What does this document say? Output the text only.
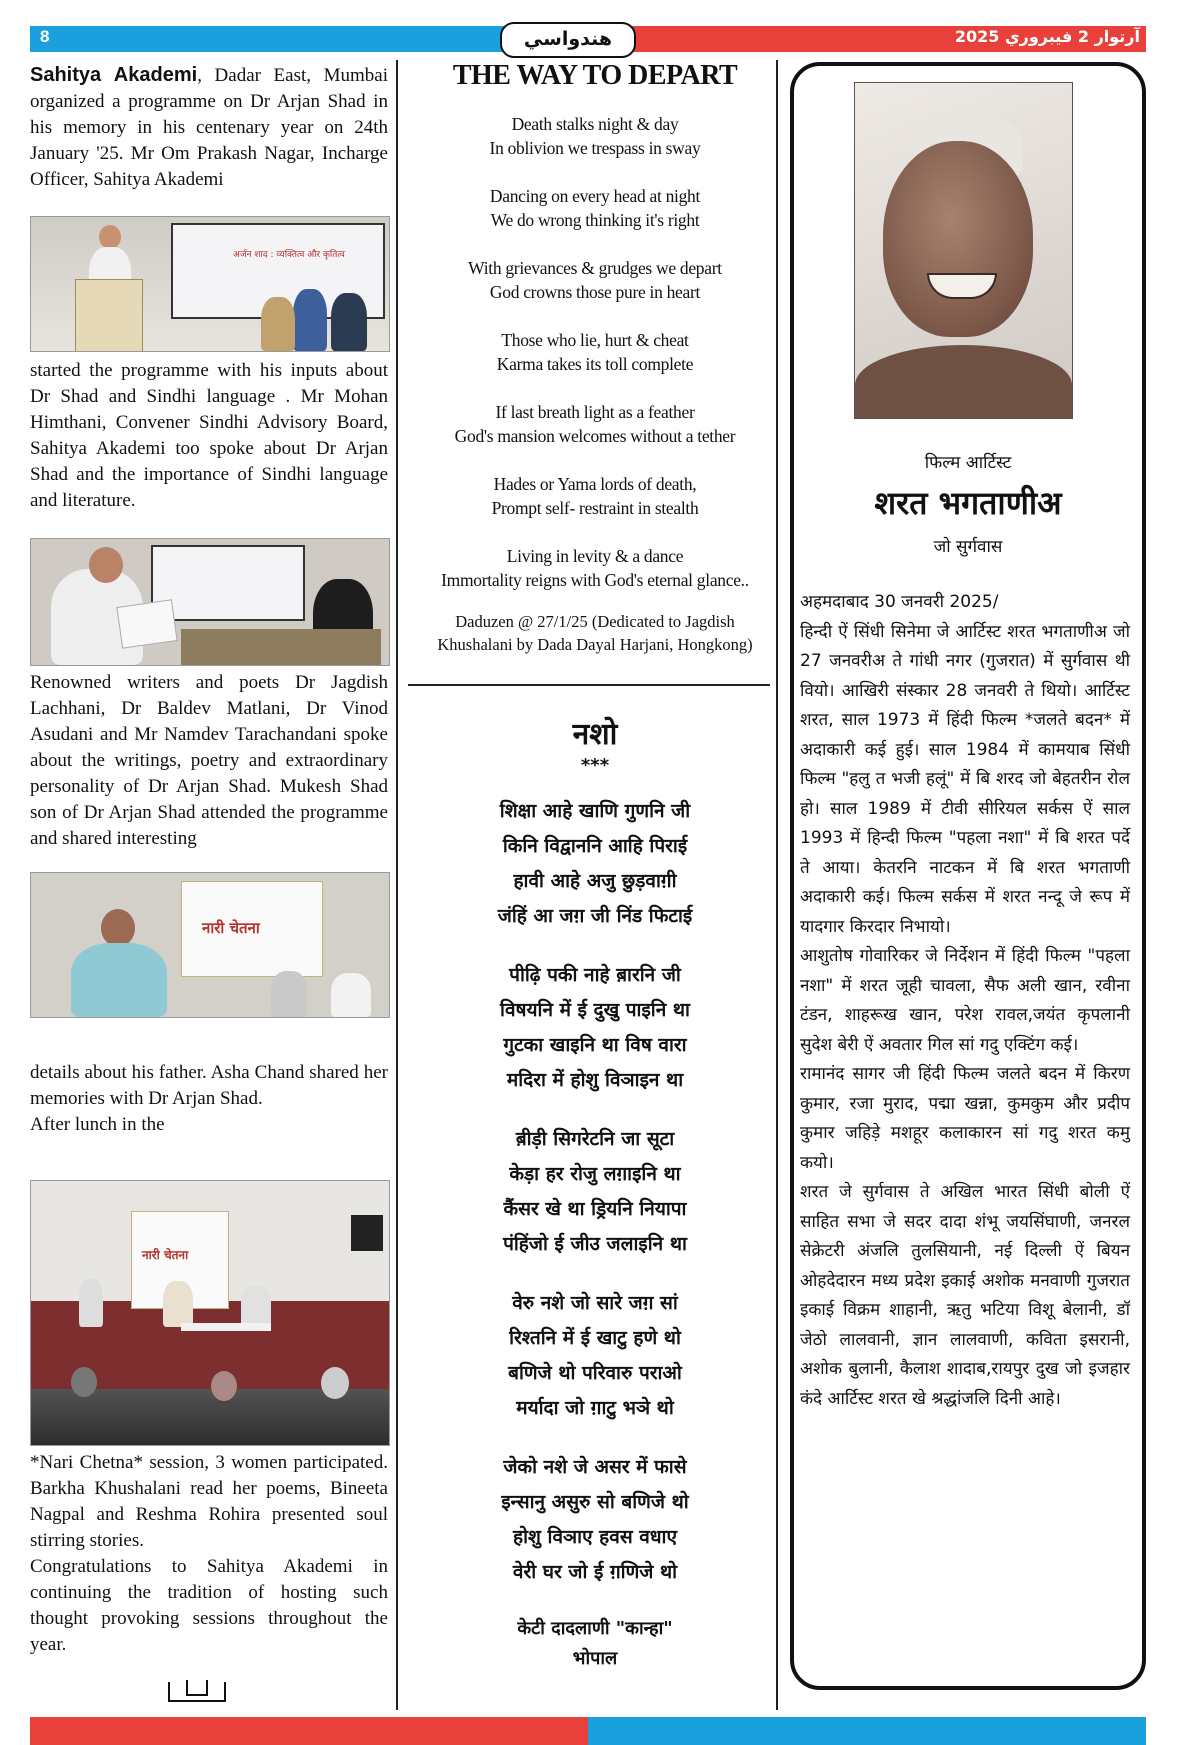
8	هندواسي	آرتوار 2 فيبروري 2025

Sahitya Akademi, Dadar East, Mumbai organized a programme on Dr Arjan Shad in his memory in his centenary year on 24th January '25. Mr Om Prakash Nagar, Incharge Officer, Sahitya Akademi

अर्जन शाद : व्यक्तित्व और कृतित्व

started the programme with his inputs about Dr Shad and Sindhi language . Mr Mohan Himthani, Convener Sindhi Advisory Board, Sahitya Akademi too spoke about Dr Arjan Shad and the importance of Sindhi language and literature.

Renowned writers and poets Dr Jagdish Lachhani, Dr Baldev Matlani, Dr Vinod Asudani and Mr Namdev Tarachandani spoke about the writings, poetry and extraordinary personality of Dr Arjan Shad. Mukesh Shad son of Dr Arjan Shad attended the programme and shared interesting

नारी चेतना

details about his father. Asha Chand shared her memories with Dr Arjan Shad.

After lunch in the

नारी चेतना

*Nari Chetna* session, 3 women participated. Barkha Khushalani read her poems, Bineeta Nagpal and Reshma Rohira presented soul stirring stories.

Congratulations to Sahitya Akademi in continuing the tradition of hosting such thought provoking sessions throughout the year.

THE WAY TO DEPART

Death stalks night & day
In oblivion we trespass in sway

Dancing on every head at night
We do wrong thinking it's right

With grievances & grudges we depart
God crowns those pure in heart

Those who lie, hurt & cheat
Karma takes its toll complete

If last breath light as a feather
God's mansion welcomes without a tether

Hades or Yama lords of death,
Prompt self- restraint in stealth

Living in levity & a dance
Immortality reigns with God's eternal glance..

Daduzen @ 27/1/25 (Dedicated to Jagdish
Khushalani by Dada Dayal Harjani, Hongkong)
नशो
***

शिक्षा आहे खाणि गुणनि जी
किनि विद्वाननि आहि पिराई
हावी आहे अजु छुड़वाग़ी
जंहिं आ जग़ जी निंड फिटाई

पीढ़ि पकी नाहे ब़ारनि जी
विषयनि में ई दुखु पाइनि था
गुटका खाइनि था विष वारा
मदिरा में होशु विञाइन था

ब़ीड़ी सिगरेटनि जा सूटा
केड़ा हर रोजु लग़ाइनि था
कैंसर खे था ड्रियनि नियापा
पंहिंजो ई जीउ जलाइनि था

वेरु नशे जो सारे जग़ सां
रिश्तनि में ई खाटु हणे थो
बणिजे थो परिवारु पराओ
मर्यादा जो ग़ाटु भञे थो

जेको नशे जे असर में फासे
इन्सानु असुरु सो बणिजे थो
होशु विञाए हवस वधाए
वेरी घर जो ई ग़णिजे थो

केटी दादलाणी "कान्हा"
भोपाल
फिल्म आर्टिस्ट
शरत भगताणीअ
जो सुर्गवास

अहमदाबाद 30 जनवरी 2025/

हिन्दी ऐं सिंधी सिनेमा जे आर्टिस्ट शरत भगताणीअ जो 27 जनवरीअ ते गांधी नगर (गुजरात) में सुर्गवास थी वियो। आखिरी संस्कार 28 जनवरी ते थियो। आर्टिस्ट शरत, साल 1973 में हिंदी फिल्म *जलते बदन* में अदाकारी कई हुई। साल 1984 में कामयाब सिंधी फिल्म "हलु त भजी हलूं" में बि शरद जो बेहतरीन रोल हो। साल 1989 में टीवी सीरियल सर्कस ऐं साल 1993 में हिन्दी फिल्म "पहला नशा" में बि शरत पर्दे ते आया। केतरनि नाटकन में बि शरत भगताणी अदाकारी कई। फिल्म सर्कस में शरत नन्दू जे रूप में यादगार किरदार निभायो।

आशुतोष गोवारिकर जे निर्देशन में हिंदी फिल्म "पहला नशा" में शरत जूही चावला, सैफ अली खान, रवीना टंडन, शाहरूख खान, परेश रावल,जयंत कृपलानी सुदेश बेरी ऐं अवतार गिल सां गदु एक्टिंग कई।

रामानंद सागर जी हिंदी फिल्म जलते बदन में किरण कुमार, रजा मुराद, पद्मा खन्ना, कुमकुम और प्रदीप कुमार जहिड़े मशहूर कलाकारन सां गदु शरत कमु कयो।

शरत जे सुर्गवास ते अखिल भारत सिंधी बोली ऐं साहित सभा जे सदर दादा शंभू जयसिंघाणी, जनरल सेक्रेटरी अंजलि तुलसियानी, नई दिल्ली ऐं बियन ओहदेदारन मध्य प्रदेश इकाई अशोक मनवाणी गुजरात इकाई विक्रम शाहानी, ऋतु भटिया विशू बेलानी, डॉ जेठो लालवानी, ज्ञान लालवाणी, कविता इसरानी, अशोक बुलानी, कैलाश शादाब,रायपुर दुख जो इजहार कंदे आर्टिस्ट शरत खे श्रद्धांजलि दिनी आहे।
